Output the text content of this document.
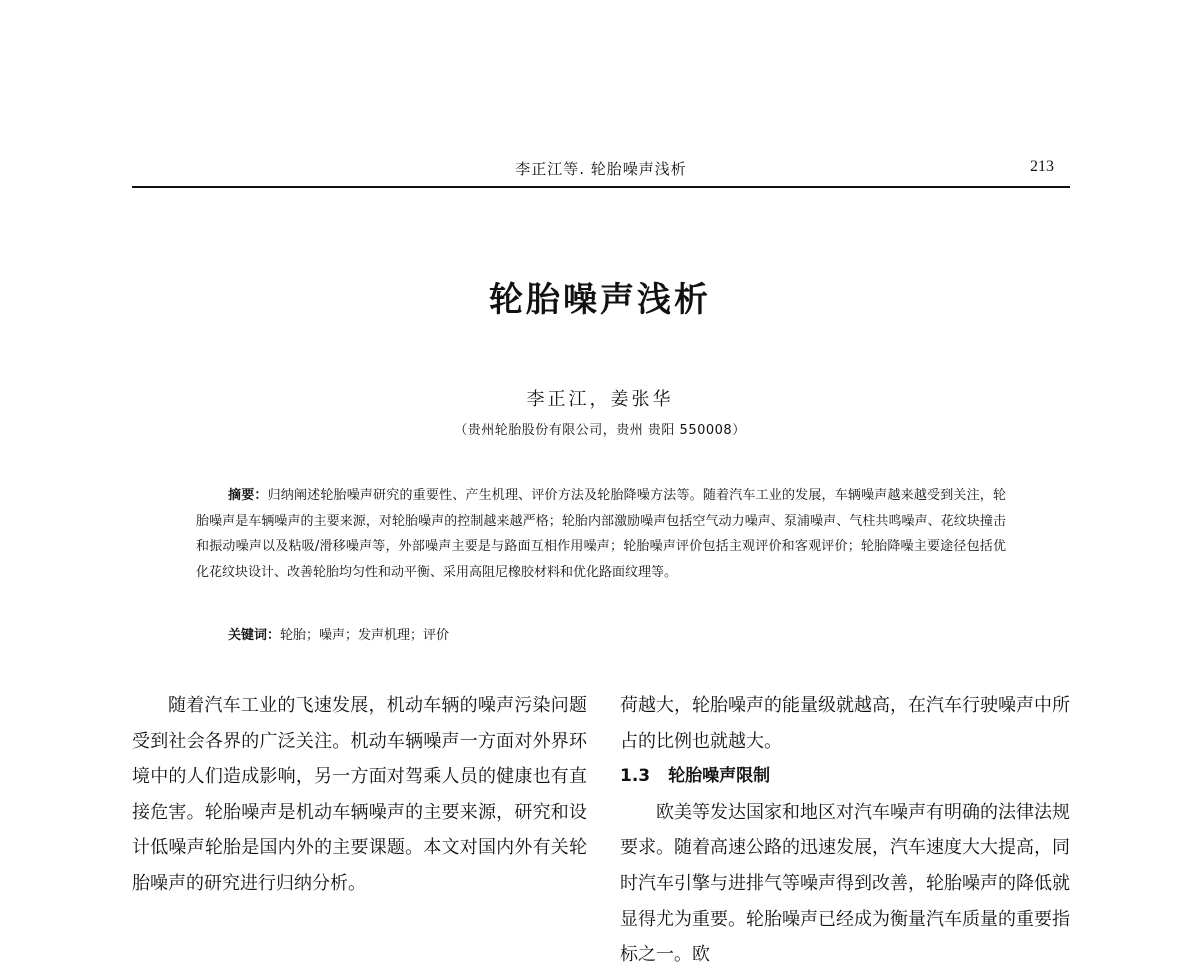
李正江等. 轮胎噪声浅析	213
轮胎噪声浅析
李正江，姜张华
（贵州轮胎股份有限公司，贵州 贵阳 550008）
摘要：归纳阐述轮胎噪声研究的重要性、产生机理、评价方法及轮胎降噪方法等。随着汽车工业的发展，车辆噪声越来越受到关注，轮胎噪声是车辆噪声的主要来源，对轮胎噪声的控制越来越严格；轮胎内部激励噪声包括空气动力噪声、泵浦噪声、气柱共鸣噪声、花纹块撞击和振动噪声以及粘吸/滑移噪声等，外部噪声主要是与路面互相作用噪声；轮胎噪声评价包括主观评价和客观评价；轮胎降噪主要途径包括优化花纹块设计、改善轮胎均匀性和动平衡、采用高阻尼橡胶材料和优化路面纹理等。
关键词：轮胎；噪声；发声机理；评价

随着汽车工业的飞速发展，机动车辆的噪声污染问题受到社会各界的广泛关注。机动车辆噪声一方面对外界环境中的人们造成影响，另一方面对驾乘人员的健康也有直接危害。轮胎噪声是机动车辆噪声的主要来源，研究和设计低噪声轮胎是国内外的主要课题。本文对国内外有关轮胎噪声的研究进行归纳分析。

荷越大，轮胎噪声的能量级就越高，在汽车行驶噪声中所占的比例也就越大。

1.3 轮胎噪声限制

欧美等发达国家和地区对汽车噪声有明确的法律法规要求。随着高速公路的迅速发展，汽车速度大大提高，同时汽车引擎与进排气等噪声得到改善，轮胎噪声的降低就显得尤为重要。轮胎噪声已经成为衡量汽车质量的重要指标之一。欧
